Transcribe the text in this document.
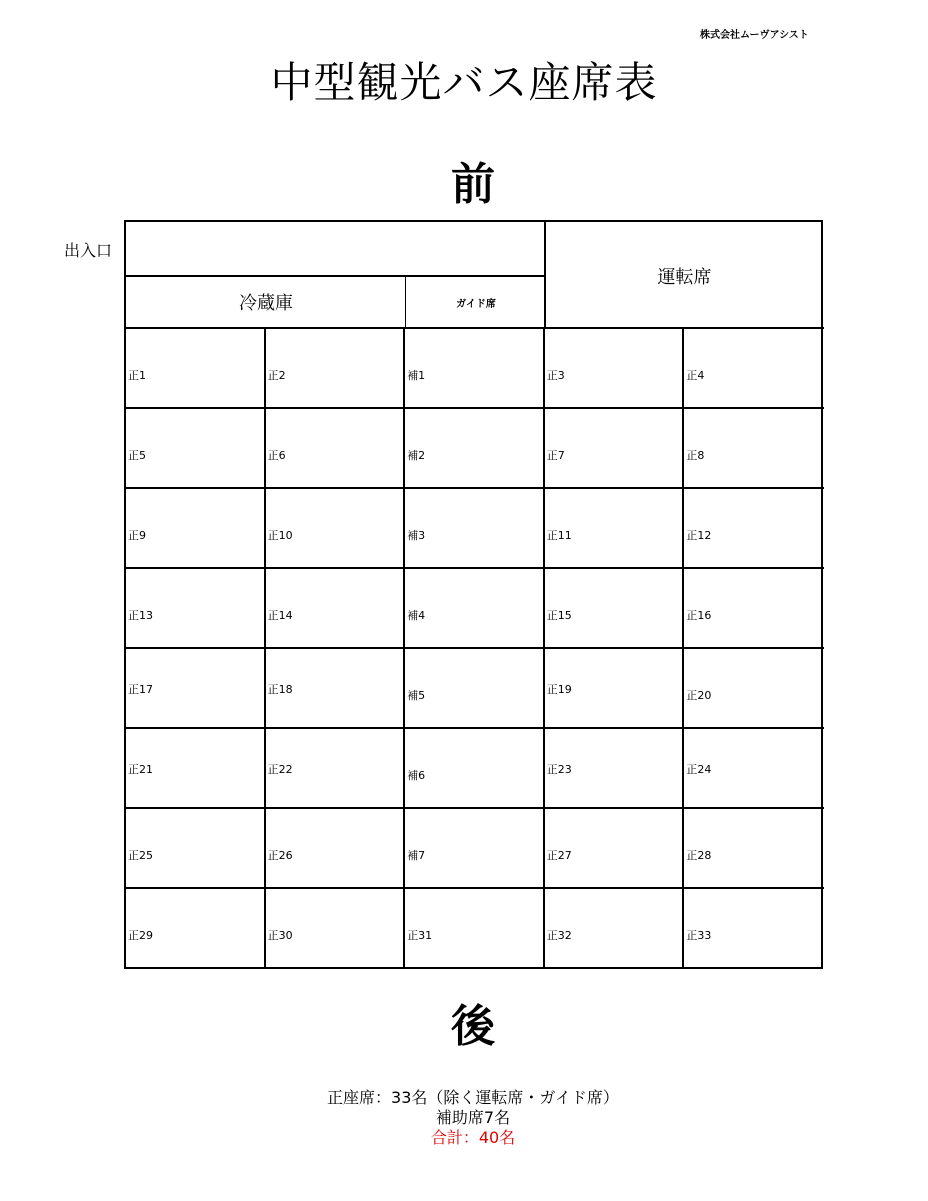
株式会社ムーヴアシスト
中型観光バス座席表
前
出入口
冷蔵庫	ガイド席
運転席
正1	正2	補1	正3	正4
正5	正6	補2	正7	正8
正9	正10	補3	正11	正12
正13	正14	補4	正15	正16
正17	正18	補5	正19	正20
正21	正22	補6	正23	正24
正25	正26	補7	正27	正28
正29	正30	正31	正32	正33
後
正座席：33名（除く運転席・ガイド席）
補助席7名
合計：40名
